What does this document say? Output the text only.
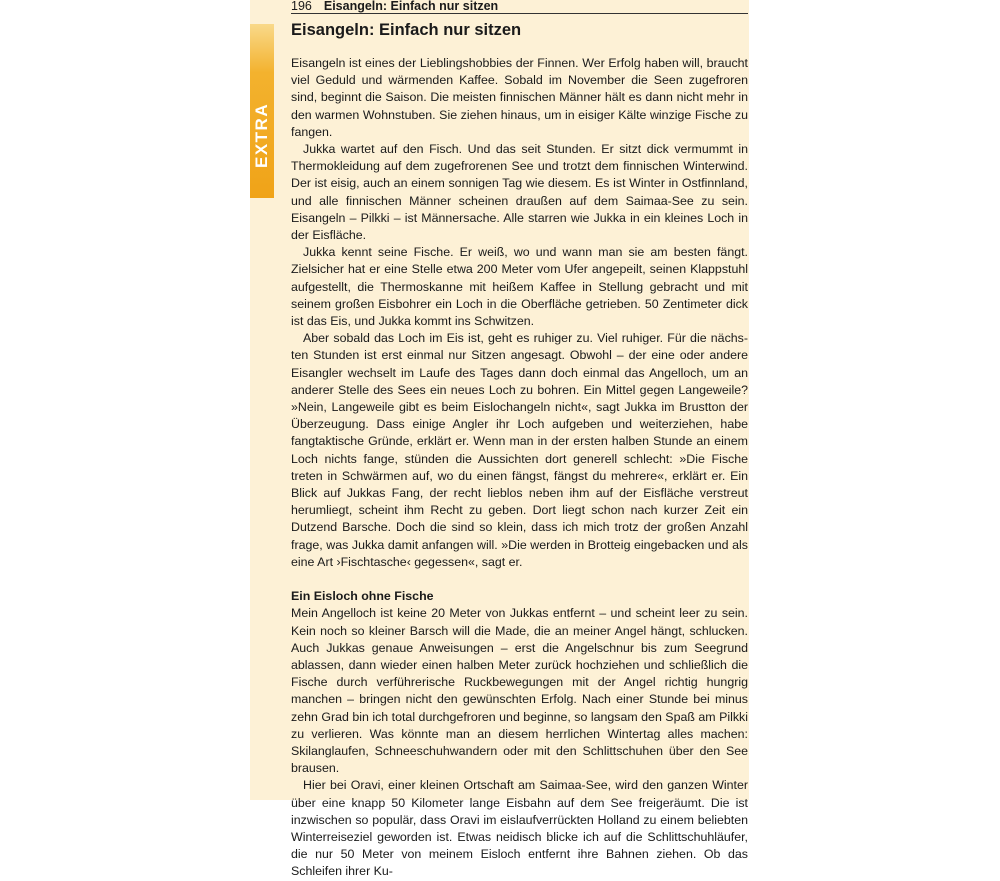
EXTRA
196 Eisangeln: Einfach nur sitzen
Eisangeln: Einfach nur sitzen

Eisangeln ist eines der Lieblingshobbies der Finnen. Wer Erfolg haben will, braucht viel Geduld und wärmenden Kaffee. Sobald im November die Seen zugefroren sind, beginnt die Saison. Die meisten finnischen Männer hält es dann nicht mehr in den warmen Wohnstuben. Sie ziehen hinaus, um in eisiger Kälte winzige Fische zu fangen.

Jukka wartet auf den Fisch. Und das seit Stunden. Er sitzt dick vermummt in Thermokleidung auf dem zugefrorenen See und trotzt dem finnischen Winterwind. Der ist eisig, auch an einem sonnigen Tag wie diesem. Es ist Winter in Ostfinnland, und alle finnischen Männer scheinen draußen auf dem Saimaa-See zu sein. Eisangeln – Pilkki – ist Männersache. Alle starren wie Jukka in ein kleines Loch in der Eisfläche.

Jukka kennt seine Fische. Er weiß, wo und wann man sie am besten fängt. Zielsicher hat er eine Stelle etwa 200 Meter vom Ufer angepeilt, seinen Klappstuhl aufgestellt, die Thermoskanne mit heißem Kaffee in Stellung gebracht und mit seinem großen Eisbohrer ein Loch in die Oberfläche getrieben. 50 Zentimeter dick ist das Eis, und Jukka kommt ins Schwitzen.

Aber sobald das Loch im Eis ist, geht es ruhiger zu. Viel ruhiger. Für die nächsten Stunden ist erst einmal nur Sitzen angesagt. Obwohl – der eine oder andere Eisangler wechselt im Laufe des Tages dann doch einmal das Angelloch, um an anderer Stelle des Sees ein neues Loch zu bohren. Ein Mittel gegen Langeweile? »Nein, Langeweile gibt es beim Eislochangeln nicht«, sagt Jukka im Brustton der Überzeugung. Dass einige Angler ihr Loch aufgeben und weiterziehen, habe fangtaktische Gründe, erklärt er. Wenn man in der ersten halben Stunde an einem Loch nichts fange, stünden die Aussichten dort generell schlecht: »Die Fische treten in Schwärmen auf, wo du einen fängst, fängst du mehrere«, erklärt er. Ein Blick auf Jukkas Fang, der recht lieblos neben ihm auf der Eisfläche verstreut herumliegt, scheint ihm Recht zu geben. Dort liegt schon nach kurzer Zeit ein Dutzend Barsche. Doch die sind so klein, dass ich mich trotz der großen Anzahl frage, was Jukka damit anfangen will. »Die werden in Brotteig eingebacken und als eine Art ›Fischtasche‹ gegessen«, sagt er.

Ein Eisloch ohne Fische

Mein Angelloch ist keine 20 Meter von Jukkas entfernt – und scheint leer zu sein. Kein noch so kleiner Barsch will die Made, die an meiner Angel hängt, schlucken. Auch Jukkas genaue Anweisungen – erst die Angelschnur bis zum Seegrund ablassen, dann wieder einen halben Meter zurück hochziehen und schließlich die Fische durch verführerische Ruckbewegungen mit der Angel richtig hungrig manchen – bringen nicht den gewünschten Erfolg. Nach einer Stunde bei minus zehn Grad bin ich total durchgefroren und beginne, so langsam den Spaß am Pilkki zu verlieren. Was könnte man an diesem herrlichen Wintertag alles machen: Skilanglaufen, Schneeschuhwandern oder mit den Schlittschuhen über den See brausen.

Hier bei Oravi, einer kleinen Ortschaft am Saimaa-See, wird den ganzen Winter über eine knapp 50 Kilometer lange Eisbahn auf dem See freigeräumt. Die ist inzwischen so populär, dass Oravi im eislaufverrückten Holland zu einem beliebten Winterreiseziel geworden ist. Etwas neidisch blicke ich auf die Schlittschuhläufer, die nur 50 Meter von meinem Eisloch entfernt ihre Bahnen ziehen. Ob das Schleifen ihrer Ku-
